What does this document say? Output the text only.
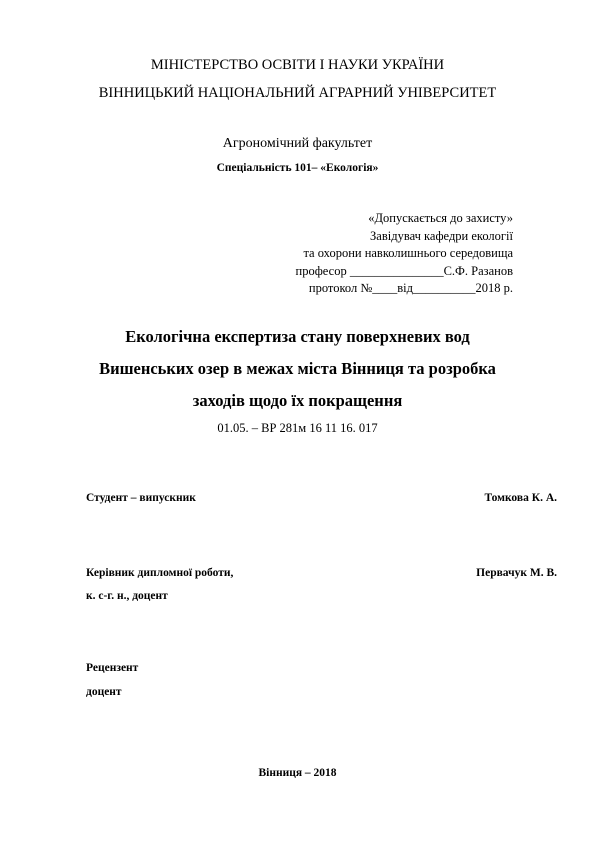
МІНІСТЕРСТВО ОСВІТИ І НАУКИ УКРАЇНИ
ВІННИЦЬКИЙ НАЦІОНАЛЬНИЙ АГРАРНИЙ УНІВЕРСИТЕТ
Агрономічний факультет
Спеціальність 101– «Екологія»
«Допускається до захисту»
Завідувач кафедри екології
та охорони навколишнього середовища
професор _______________С.Ф. Разанов
протокол №____від__________2018 р.
Екологічна експертиза стану поверхневих вод
Вишенських озер в межах міста Вінниця та розробка
заходів щодо їх покращення
01.05. – ВР 281м 16 11 16. 017
Студент – випускник	Томкова К. А.
Керівник дипломної роботи,	Первачук М. В.
к. с-г. н., доцент
Рецензент
доцент
Вінниця – 2018
